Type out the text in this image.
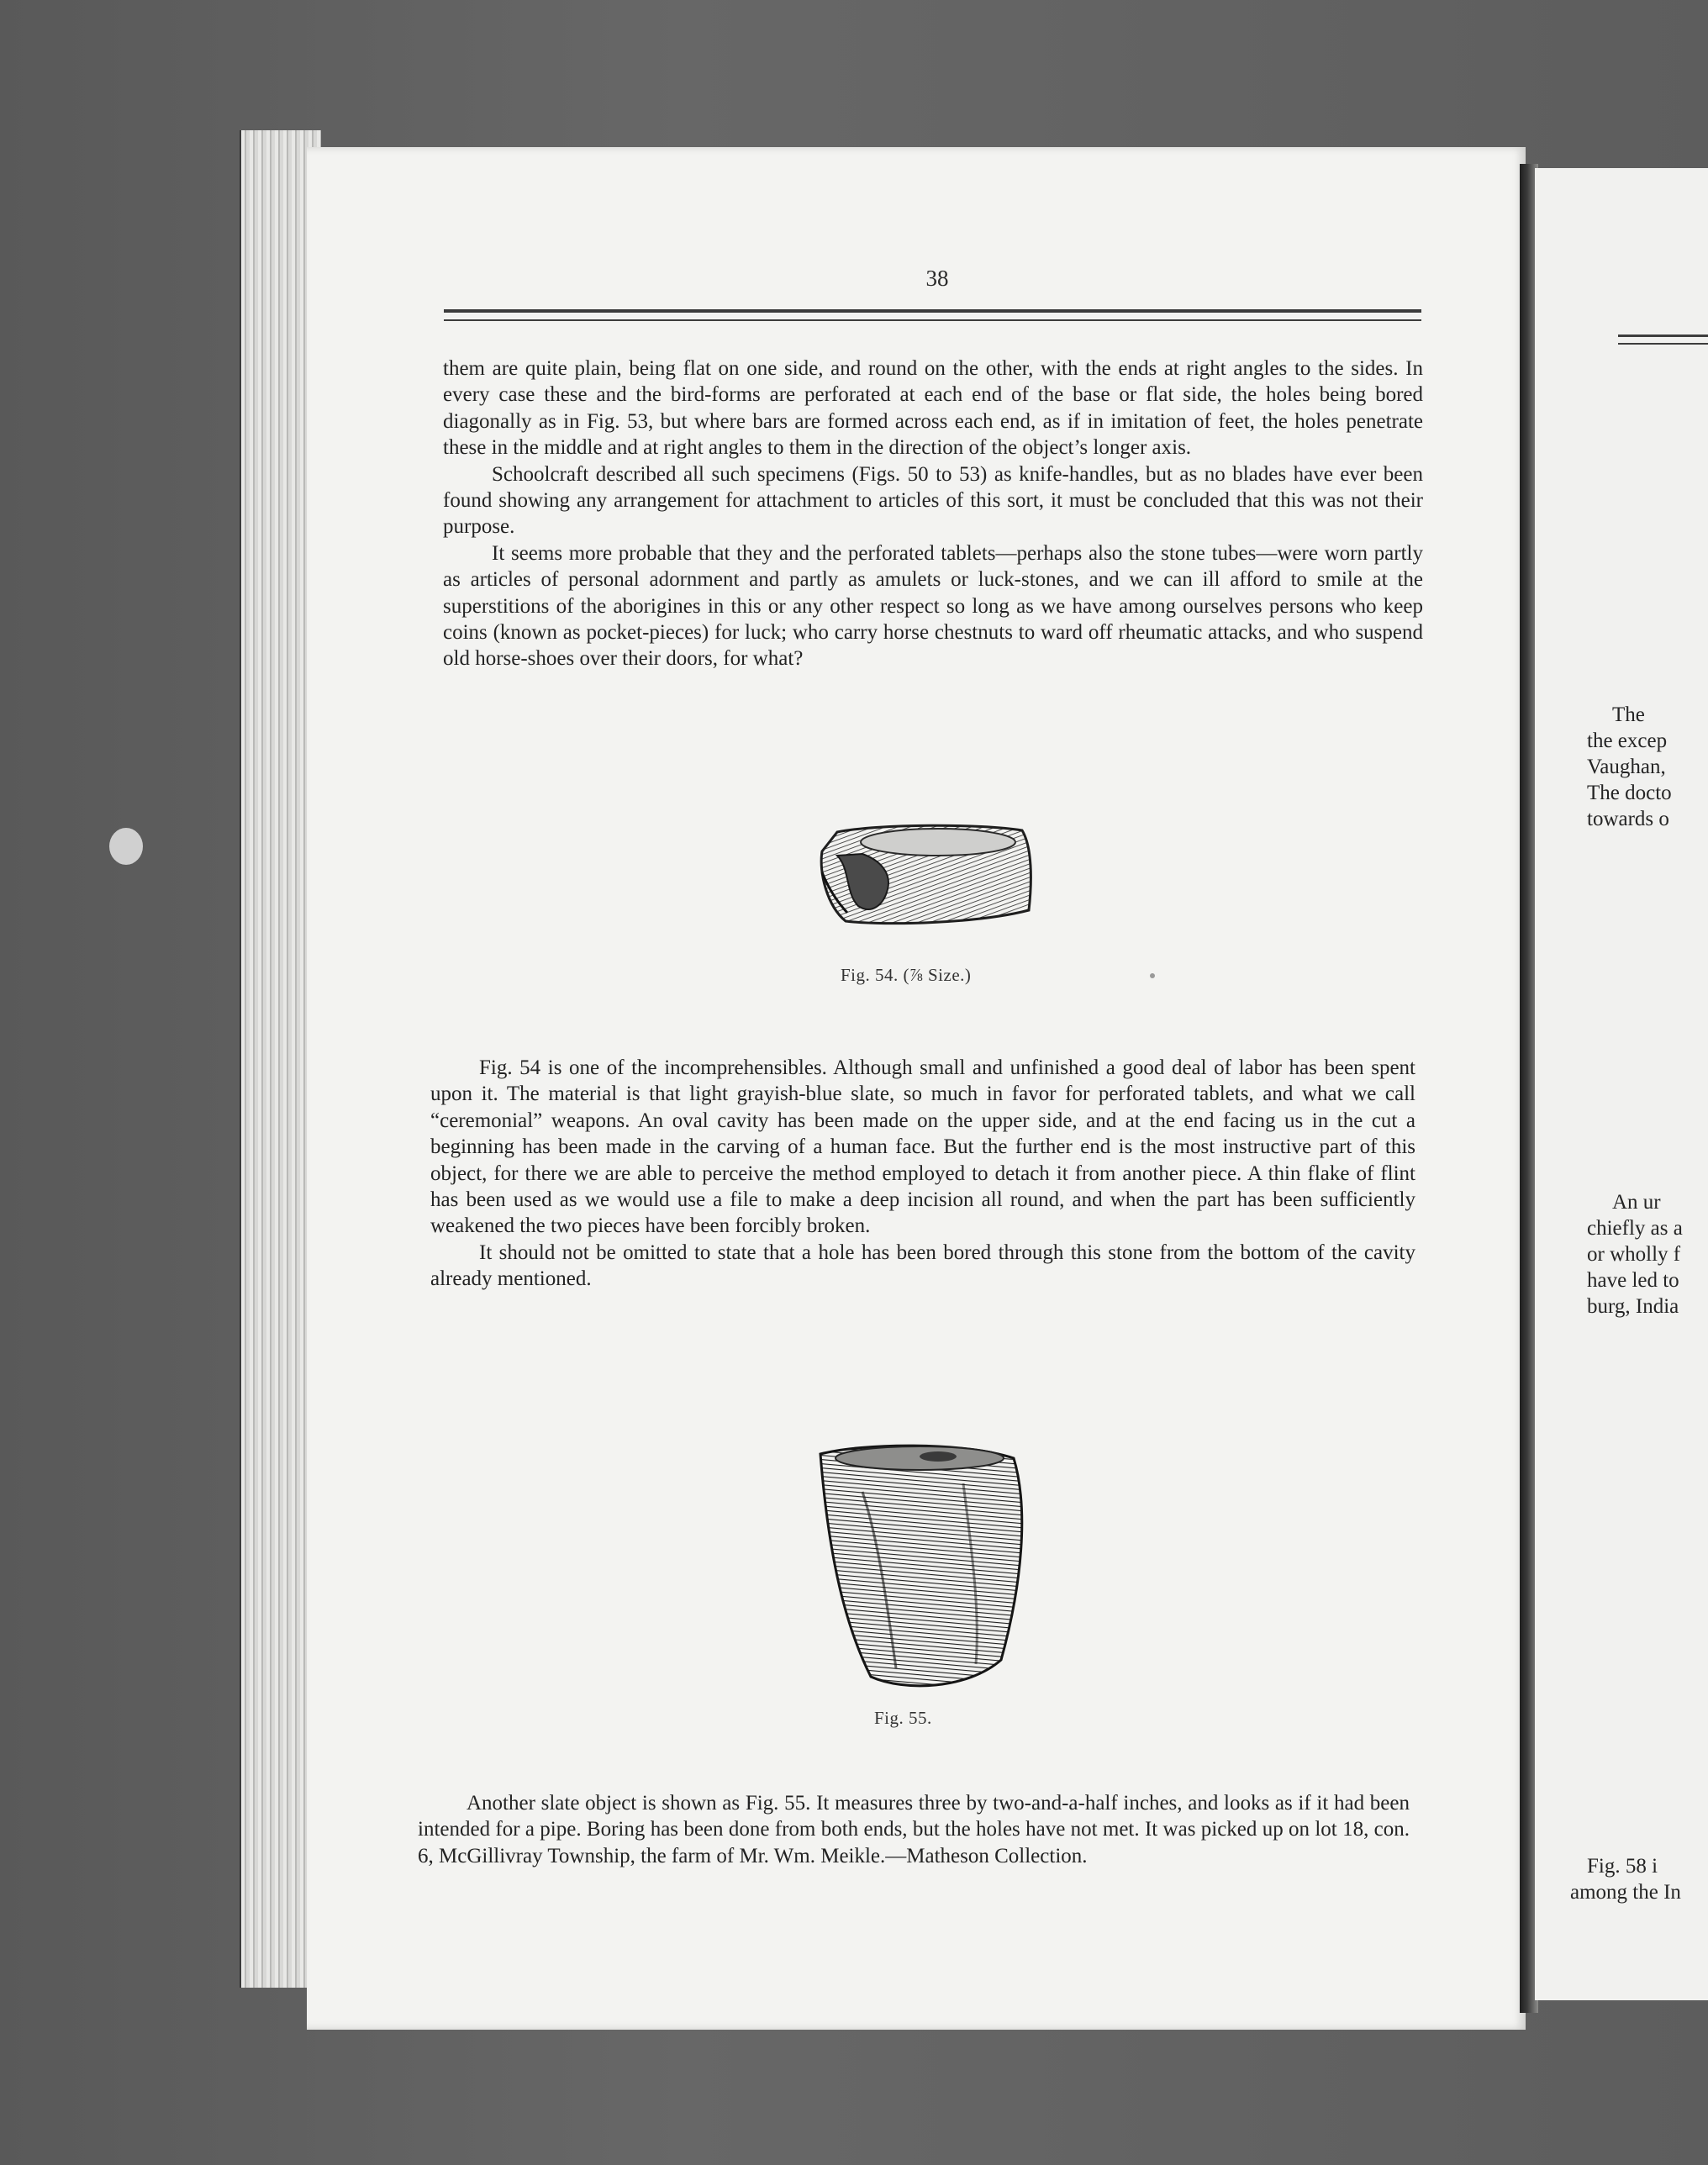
38

them are quite plain, being flat on one side, and round on the other, with the ends at right angles to the sides. In every case these and the bird-forms are perforated at each end of the base or flat side, the holes being bored diagonally as in Fig. 53, but where bars are formed across each end, as if in imitation of feet, the holes penetrate these in the middle and at right angles to them in the direction of the object’s longer axis.

Schoolcraft described all such specimens (Figs. 50 to 53) as knife-handles, but as no blades have ever been found showing any arrangement for attachment to articles of this sort, it must be concluded that this was not their purpose.

It seems more probable that they and the perforated tablets—perhaps also the stone tubes—were worn partly as articles of personal adornment and partly as amulets or luck-stones, and we can ill afford to smile at the superstitions of the aborigines in this or any other respect so long as we have among ourselves persons who keep coins (known as pocket-pieces) for luck; who carry horse chestnuts to ward off rheumatic attacks, and who suspend old horse-shoes over their doors, for what?

Fig. 54. (⅞ Size.)

Fig. 54 is one of the incomprehensibles. Although small and unfinished a good deal of labor has been spent upon it. The material is that light grayish-blue slate, so much in favor for perforated tablets, and what we call “ceremonial” weapons. An oval cavity has been made on the upper side, and at the end facing us in the cut a beginning has been made in the carving of a human face. But the further end is the most instructive part of this object, for there we are able to perceive the method employed to detach it from another piece. A thin flake of flint has been used as we would use a file to make a deep incision all round, and when the part has been sufficiently weakened the two pieces have been forcibly broken.

It should not be omitted to state that a hole has been bored through this stone from the bottom of the cavity already mentioned.

Fig. 55.

Another slate object is shown as Fig. 55. It measures three by two-and-a-half inches, and looks as if it had been intended for a pipe. Boring has been done from both ends, but the holes have not met. It was picked up on lot 18, con. 6, McGillivray Township, the farm of Mr. Wm. Meikle.—Matheson Collection.

The
the excep
Vaughan,
The docto
towards o
An ur
chiefly as a
or wholly f
have led to
burg, India
Fig. 58 i
among the In
